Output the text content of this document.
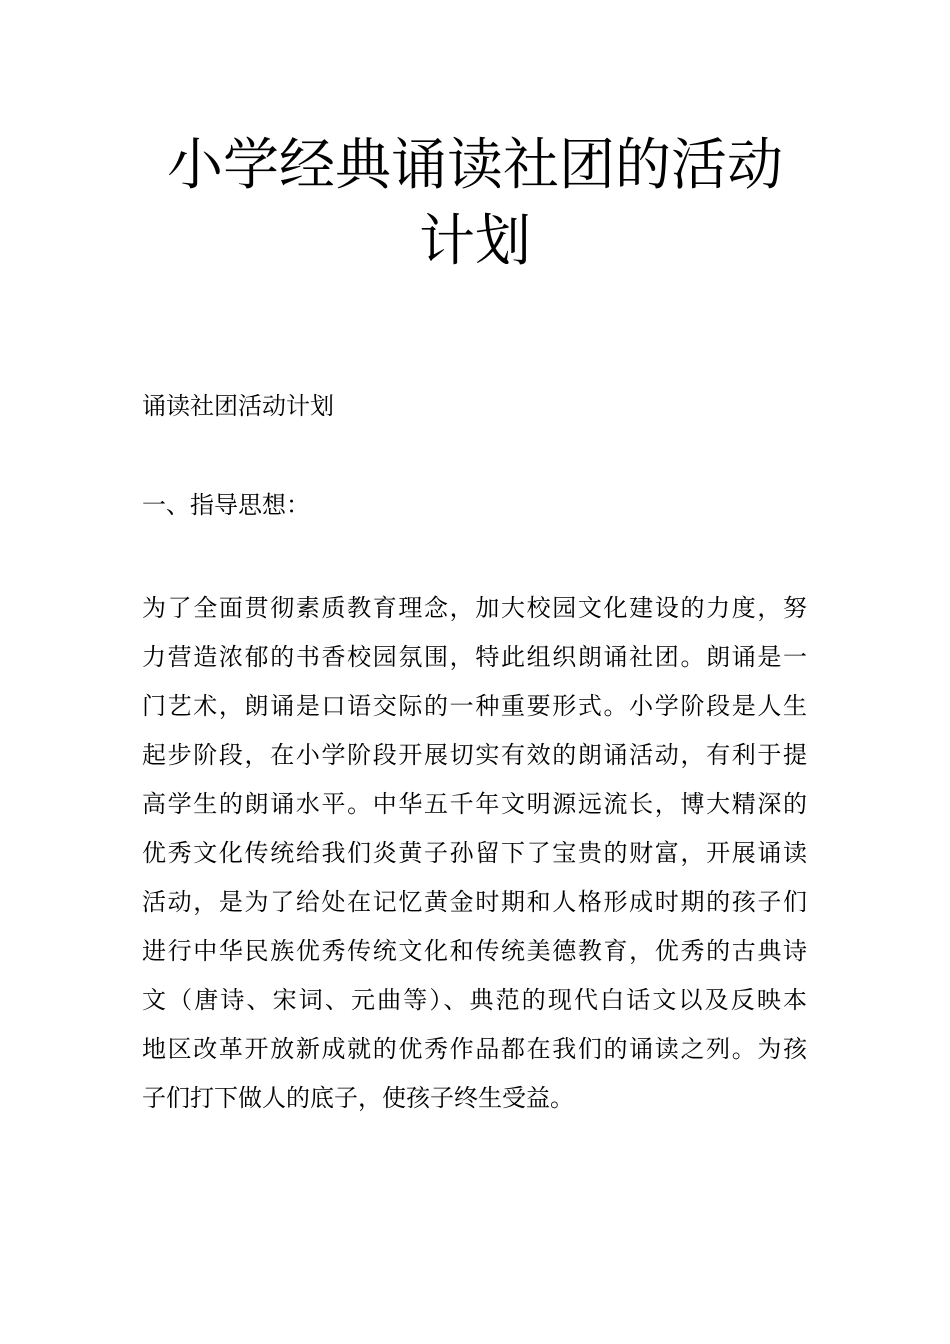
小学经典诵读社团的活动
计划

诵读社团活动计划

一、指导思想：

为了全面贯彻素质教育理念，加大校园文化建设的力度，努
力营造浓郁的书香校园氛围，特此组织朗诵社团。朗诵是一
门艺术，朗诵是口语交际的一种重要形式。小学阶段是人生
起步阶段，在小学阶段开展切实有效的朗诵活动，有利于提
高学生的朗诵水平。中华五千年文明源远流长，博大精深的
优秀文化传统给我们炎黄子孙留下了宝贵的财富，开展诵读
活动，是为了给处在记忆黄金时期和人格形成时期的孩子们
进行中华民族优秀传统文化和传统美德教育，优秀的古典诗
文（唐诗、宋词、元曲等）、典范的现代白话文以及反映本
地区改革开放新成就的优秀作品都在我们的诵读之列。为孩
子们打下做人的底子，使孩子终生受益。
